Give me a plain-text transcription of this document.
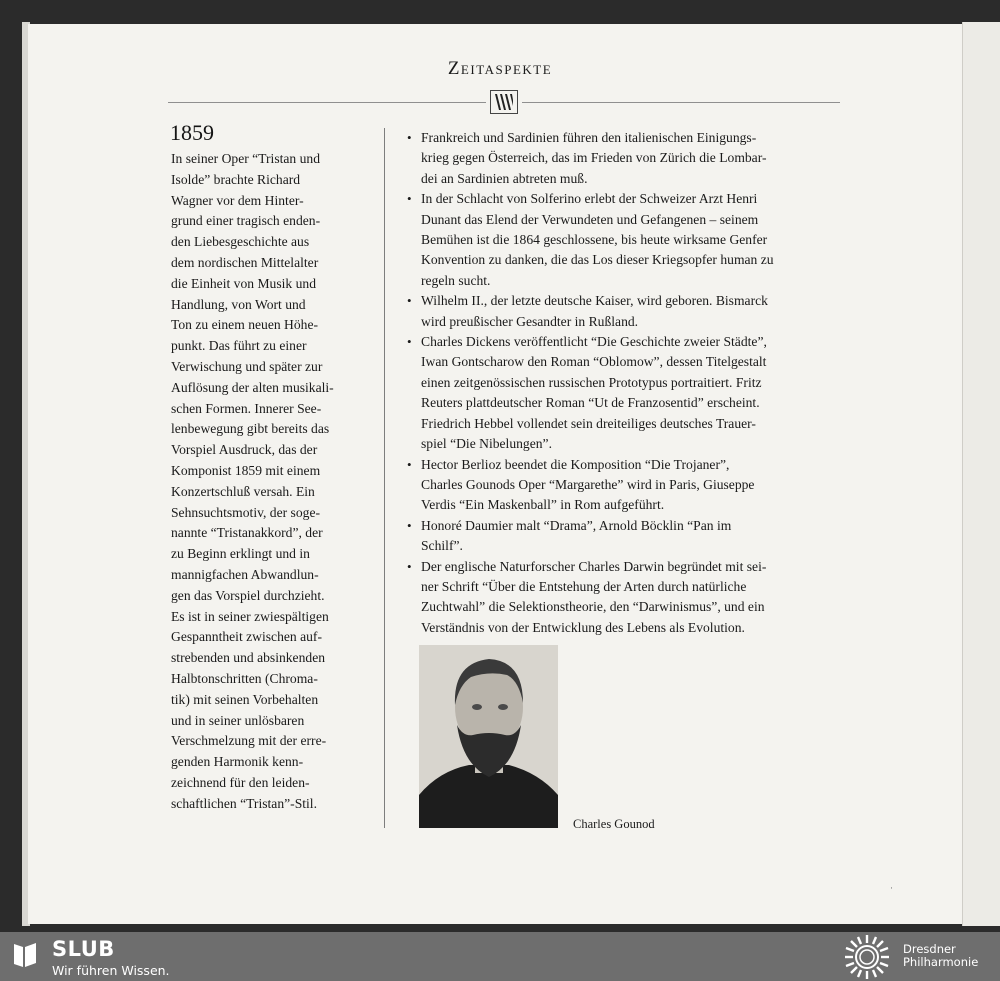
Zeitaspekte
1859

In seiner Oper “Tristan und

Isolde” brachte Richard

Wagner vor dem Hinter-

grund einer tragisch enden-

den Liebesgeschichte aus

dem nordischen Mittelalter

die Einheit von Musik und

Handlung, von Wort und

Ton zu einem neuen Höhe-

punkt. Das führt zu einer

Verwischung und später zur

Auflösung der alten musikali-

schen Formen. Innerer See-

lenbewegung gibt bereits das

Vorspiel Ausdruck, das der

Komponist 1859 mit einem

Konzertschluß versah. Ein

Sehnsuchtsmotiv, der soge-

nannte “Tristanakkord”, der

zu Beginn erklingt und in

mannigfachen Abwandlun-

gen das Vorspiel durchzieht.

Es ist in seiner zwiespältigen

Gespanntheit zwischen auf-

strebenden und absinkenden

Halbtonschritten (Chroma-

tik) mit seinen Vorbehalten

und in seiner unlösbaren

Verschmelzung mit der erre-

genden Harmonik kenn-

zeichnend für den leiden-

schaftlichen “Tristan”-Stil.

• Frankreich und Sardinien führen den italienischen Einigungs-
krieg gegen Österreich, das im Frieden von Zürich die Lombar-
dei an Sardinien abtreten muß.
• In der Schlacht von Solferino erlebt der Schweizer Arzt Henri
Dunant das Elend der Verwundeten und Gefangenen – seinem
Bemühen ist die 1864 geschlossene, bis heute wirksame Genfer
Konvention zu danken, die das Los dieser Kriegsopfer human zu
regeln sucht.
• Wilhelm II., der letzte deutsche Kaiser, wird geboren. Bismarck
wird preußischer Gesandter in Rußland.
• Charles Dickens veröffentlicht “Die Geschichte zweier Städte”,
Iwan Gontscharow den Roman “Oblomow”, dessen Titelgestalt
einen zeitgenössischen russischen Prototypus portraitiert. Fritz
Reuters plattdeutscher Roman “Ut de Franzosentid” erscheint.
Friedrich Hebbel vollendet sein dreiteiliges deutsches Trauer-
spiel “Die Nibelungen”.
• Hector Berlioz beendet die Komposition “Die Trojaner”,
Charles Gounods Oper “Margarethe” wird in Paris, Giuseppe
Verdis “Ein Maskenball” in Rom aufgeführt.
• Honoré Daumier malt “Drama”, Arnold Böcklin “Pan im
Schilf”.
• Der englische Naturforscher Charles Darwin begründet mit sei-
ner Schrift “Über die Entstehung der Arten durch natürliche
Zuchtwahl” die Selektionstheorie, den “Darwinismus”, und ein
Verständnis von der Entwicklung des Lebens als Evolution.
Charles Gounod
·
SLUB
Wir führen Wissen.
Dresdner
Philharmonie
